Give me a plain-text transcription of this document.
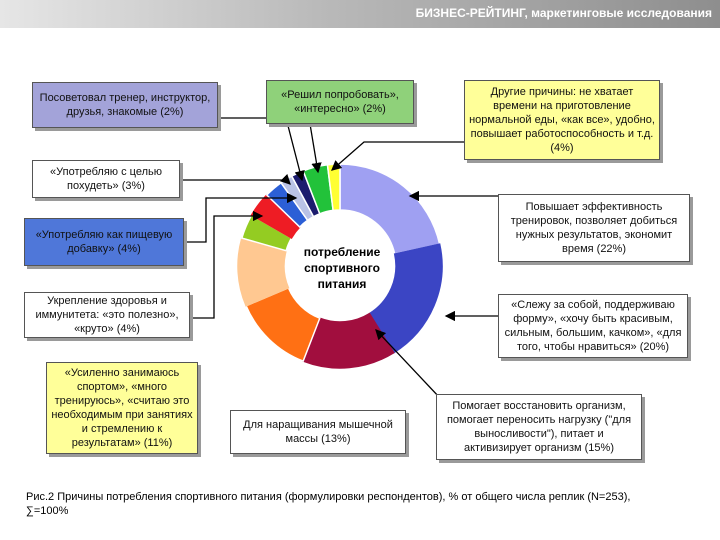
БИЗНЕС-РЕЙТИНГ, маркетинговые исследования
потребление спортивного питания
Посоветовал тренер, инструктор, друзья, знакомые (2%)
«Решил попробовать», «интересно» (2%)
Другие причины: не хватает времени на приготовление нормальной еды, «как все», удобно, повышает работоспособность и т.д. (4%)
«Употребляю с целью похудеть» (3%)
«Употребляю как пищевую добавку» (4%)
Укрепление здоровья и иммунитета: «это полезно», «круто» (4%)
«Усиленно занимаюсь спортом», «много тренируюсь», «считаю это необходимым при занятиях и стремлению к результатам» (11%)
Для наращивания мышечной массы (13%)
Помогает восстановить организм, помогает переносить нагрузку ("для выносливости"), питает и активизирует организм (15%)
«Слежу за собой, поддерживаю форму», «хочу быть красивым, сильным, большим, качком», «для того, чтобы нравиться» (20%)
Повышает эффективность тренировок, позволяет добиться нужных результатов, экономит время (22%)
Рис.2 Причины потребления спортивного питания (формулировки респондентов), % от общего числа реплик (N=253),
∑=100%
